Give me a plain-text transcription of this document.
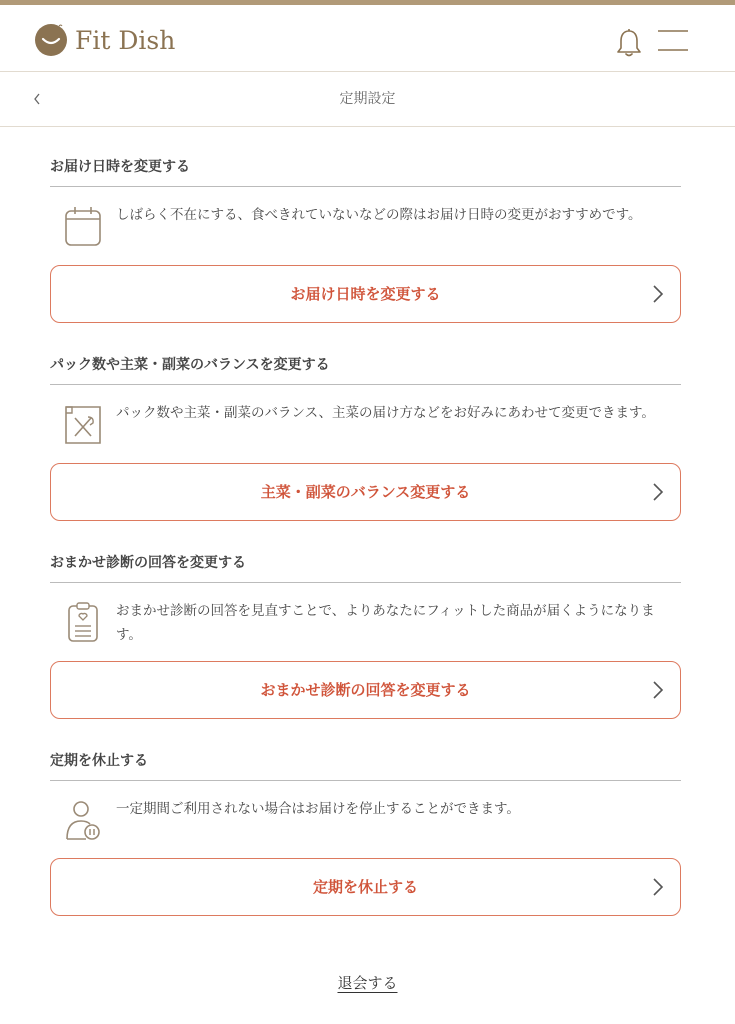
Fit Dish
定期設定
お届け日時を変更する
しばらく不在にする、食べきれていないなどの際はお届け日時の変更がおすすめです。
お届け日時を変更する
パック数や主菜・副菜のバランスを変更する
パック数や主菜・副菜のバランス、主菜の届け方などをお好みにあわせて変更できます。
主菜・副菜のバランス変更する
おまかせ診断の回答を変更する
おまかせ診断の回答を見直すことで、よりあなたにフィットした商品が届くようになります。
おまかせ診断の回答を変更する
定期を休止する
一定期間ご利用されない場合はお届けを停止することができます。
定期を休止する
退会する
